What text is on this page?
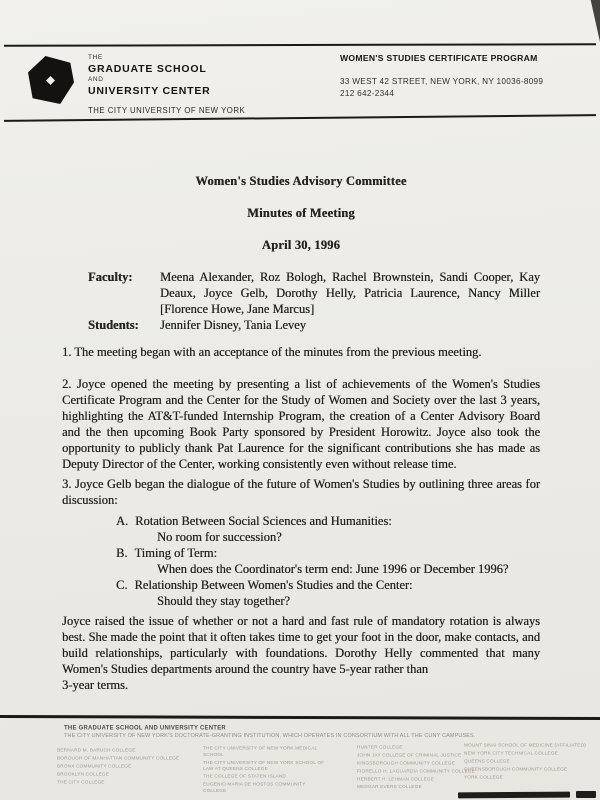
THE
GRADUATE SCHOOL
AND
UNIVERSITY CENTER
THE CITY UNIVERSITY OF NEW YORK
WOMEN'S STUDIES CERTIFICATE PROGRAM
33 WEST 42 STREET, NEW YORK, NY 10036-8099
212 642-2344
Women's Studies Advisory Committee
Minutes of Meeting
April 30, 1996
Faculty:	Meena Alexander, Roz Bologh, Rachel Brownstein, Sandi Cooper, Kay Deaux, Joyce Gelb, Dorothy Helly, Patricia Laurence, Nancy Miller [Florence Howe, Jane Marcus]
Students:	Jennifer Disney, Tania Levey
1. The meeting began with an acceptance of the minutes from the previous meeting.
2. Joyce opened the meeting by presenting a list of achievements of the Women's Studies Certificate Program and the Center for the Study of Women and Society over the last 3 years, highlighting the AT&T-funded Internship Program, the creation of a Center Advisory Board and the then upcoming Book Party sponsored by President Horowitz. Joyce also took the opportunity to publicly thank Pat Laurence for the significant contributions she has made as Deputy Director of the Center, working consistently even without release time.
3. Joyce Gelb began the dialogue of the future of Women's Studies by outlining three areas for discussion:
A. Rotation Between Social Sciences and Humanities:
No room for succession?
B. Timing of Term:
When does the Coordinator's term end: June 1996 or December 1996?
C. Relationship Between Women's Studies and the Center:
Should they stay together?
Joyce raised the issue of whether or not a hard and fast rule of mandatory rotation is always best. She made the point that it often takes time to get your foot in the door, make contacts, and build relationships, particularly with foundations. Dorothy Helly commented that many Women's Studies departments around the country have 5-year rather than
3-year terms.
THE GRADUATE SCHOOL AND UNIVERSITY CENTER
THE CITY UNIVERSITY OF NEW YORK'S DOCTORATE-GRANTING INSTITUTION, WHICH OPERATES IN CONSORTIUM WITH ALL THE CUNY CAMPUSES.
BERNARD M. BARUCH COLLEGE
BOROUGH OF MANHATTAN COMMUNITY COLLEGE
BRONX COMMUNITY COLLEGE
BROOKLYN COLLEGE
THE CITY COLLEGE
THE CITY UNIVERSITY OF NEW YORK MEDICAL SCHOOL
THE CITY UNIVERSITY OF NEW YORK SCHOOL OF LAW AT QUEENS COLLEGE
THE COLLEGE OF STATEN ISLAND
EUGENIO MARIA DE HOSTOS COMMUNITY COLLEGE
HUNTER COLLEGE
JOHN JAY COLLEGE OF CRIMINAL JUSTICE
KINGSBOROUGH COMMUNITY COLLEGE
FIORELLO H. LAGUARDIA COMMUNITY COLLEGE
HERBERT H. LEHMAN COLLEGE
MEDGAR EVERS COLLEGE
MOUNT SINAI SCHOOL OF MEDICINE (AFFILIATED)
NEW YORK CITY TECHNICAL COLLEGE
QUEENS COLLEGE
QUEENSBOROUGH COMMUNITY COLLEGE
YORK COLLEGE
